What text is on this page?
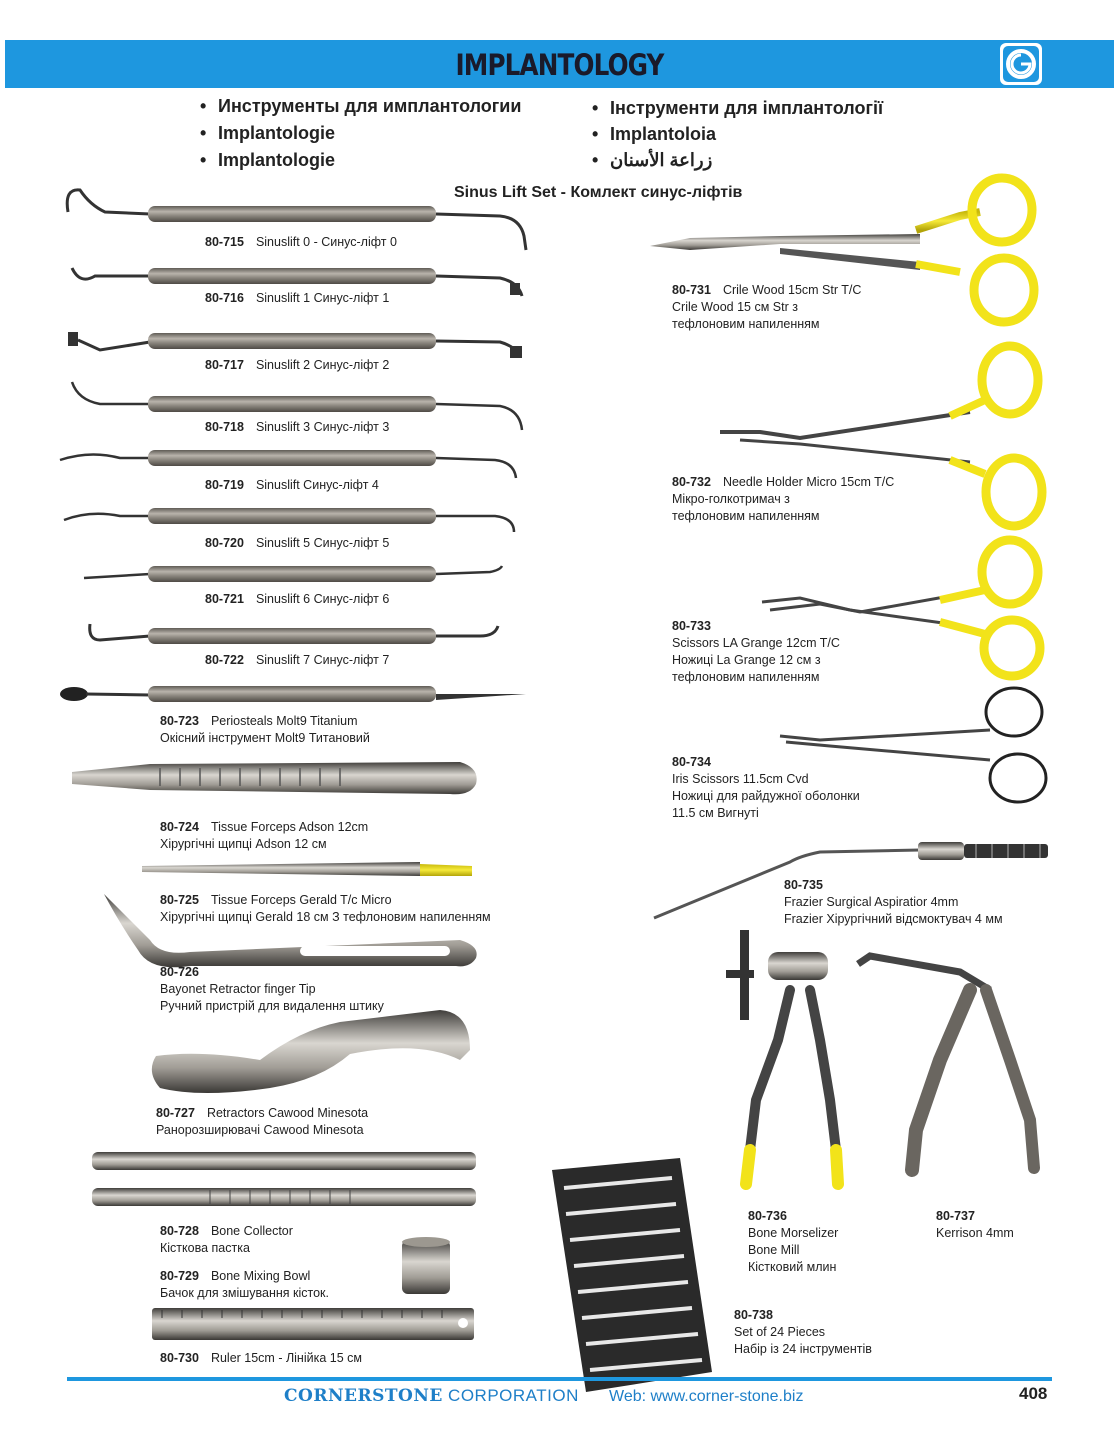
IMPLANTOLOGY
• Инструменты для имплантологии
• Implantologie
• Implantologie
• Інструменти для імплантології
• Implantoloia
• زراعة الأسنان
Sinus Lift Set - Комлект синус-ліфтів
80-715 Sinuslift 0 - Синус-ліфт 0
80-716 Sinuslift 1 Синус-ліфт 1
80-717 Sinuslift 2 Синус-ліфт 2
80-718 Sinuslift 3 Синус-ліфт 3
80-719 Sinuslift Синус-ліфт 4
80-720 Sinuslift 5 Синус-ліфт 5
80-721 Sinuslift 6 Синус-ліфт 6
80-722 Sinuslift 7 Синус-ліфт 7
80-723 Periosteals Molt9 Titanium
Окісний інструмент Molt9 Титановий
80-724 Tissue Forceps Adson 12cm
Хірургічні щипці Adson 12 см
80-725 Tissue Forceps Gerald T/c Micro
Хірургічні щипці Gerald 18 см З тефлоновим напиленням
80-726
Bayonet Retractor finger Tip
Ручний пристрій для видалення штику
80-727 Retractors Cawood Minesota
Ранорозширювачі Cawood Minesota
80-728 Bone Collector
Кісткова пастка
80-729 Bone Mixing Bowl
Бачок для змішування кісток.
80-730 Ruler 15cm - Лінійка 15 см
80-731 Crile Wood 15cm Str T/C
Crile Wood 15 см Str з
тефлоновим напиленням
80-732 Needle Holder Micro 15cm T/C
Мікро-голкотримач з
тефлоновим напиленням
80-733
Scissors LA Grange 12cm T/C
Ножиці La Grange 12 см з
тефлоновим напиленням
80-734
Iris Scissors 11.5cm Cvd
Ножиці для райдужної оболонки
11.5 см Вигнуті
80-735
Frazier Surgical Aspiratior 4mm
Frazier Хірургічний відсмоктувач 4 мм
80-736
Bone Morselizer
Bone Mill
Кістковий млин
80-737
Kerrison 4mm
80-738
Set of 24 Pieces
Набір із 24 інструментів
CORNERSTONE CORPORATION Web: www.corner-stone.biz	408
